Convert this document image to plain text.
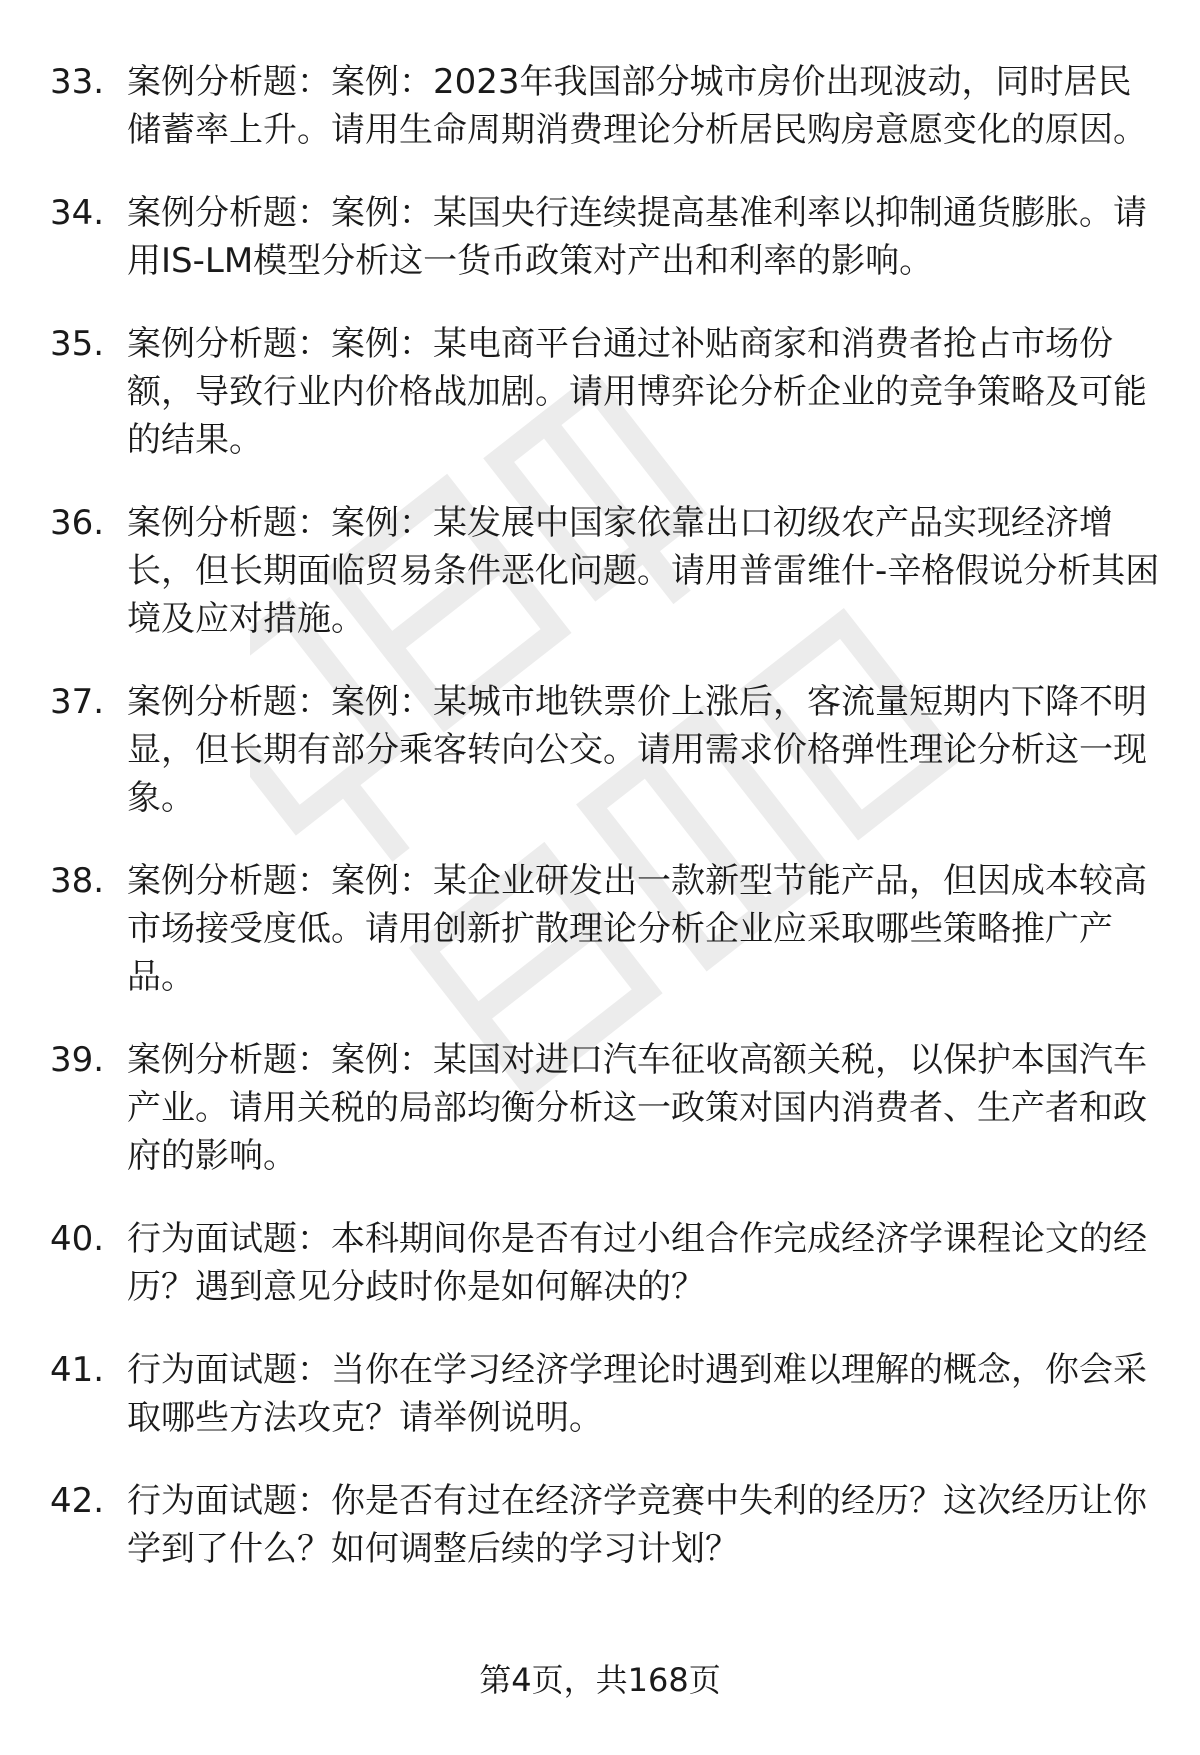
33. 案例分析题：案例：2023年我国部分城市房价出现波动，同时居民储蓄率上升。请用生命周期消费理论分析居民购房意愿变化的原因。
34. 案例分析题：案例：某国央行连续提高基准利率以抑制通货膨胀。请用IS-LM模型分析这一货币政策对产出和利率的影响。
35. 案例分析题：案例：某电商平台通过补贴商家和消费者抢占市场份额，导致行业内价格战加剧。请用博弈论分析企业的竞争策略及可能的结果。
36. 案例分析题：案例：某发展中国家依靠出口初级农产品实现经济增长，但长期面临贸易条件恶化问题。请用普雷维什-辛格假说分析其困境及应对措施。
37. 案例分析题：案例：某城市地铁票价上涨后，客流量短期内下降不明显，但长期有部分乘客转向公交。请用需求价格弹性理论分析这一现象。
38. 案例分析题：案例：某企业研发出一款新型节能产品，但因成本较高市场接受度低。请用创新扩散理论分析企业应采取哪些策略推广产品。
39. 案例分析题：案例：某国对进口汽车征收高额关税，以保护本国汽车产业。请用关税的局部均衡分析这一政策对国内消费者、生产者和政府的影响。
40. 行为面试题：本科期间你是否有过小组合作完成经济学课程论文的经历？遇到意见分歧时你是如何解决的？
41. 行为面试题：当你在学习经济学理论时遇到难以理解的概念，你会采取哪些方法攻克？请举例说明。
42. 行为面试题：你是否有过在经济学竞赛中失利的经历？这次经历让你学到了什么？如何调整后续的学习计划？
第4页，共168页
